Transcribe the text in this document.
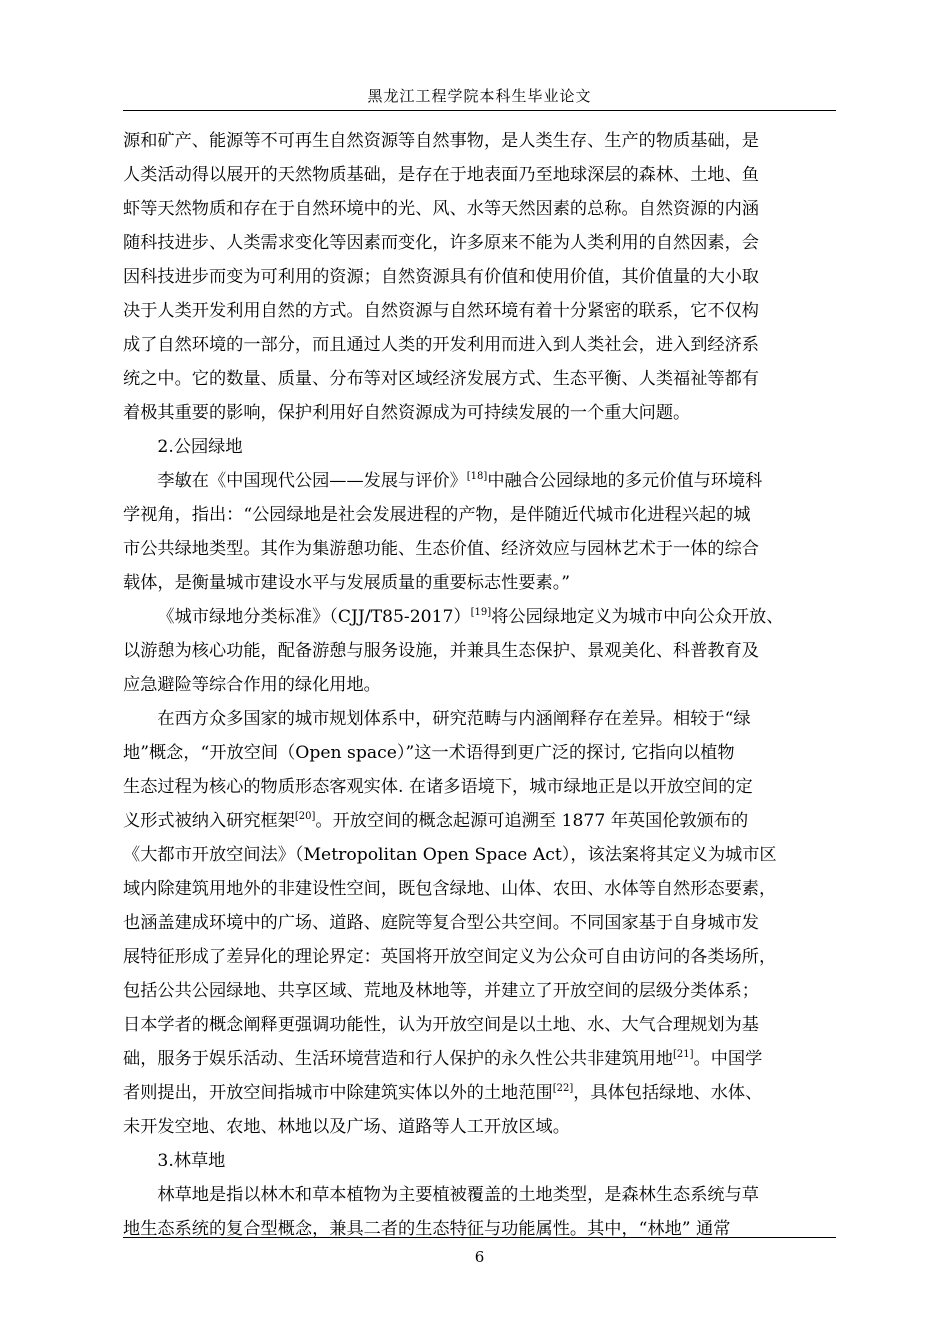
黑龙江工程学院本科生毕业论文
源和矿产、能源等不可再生自然资源等自然事物，是人类生存、生产的物质基础，是
人类活动得以展开的天然物质基础，是存在于地表面乃至地球深层的森林、土地、鱼
虾等天然物质和存在于自然环境中的光、风、水等天然因素的总称。自然资源的内涵
随科技进步、人类需求变化等因素而变化，许多原来不能为人类利用的自然因素，会
因科技进步而变为可利用的资源；自然资源具有价值和使用价值，其价值量的大小取
决于人类开发利用自然的方式。自然资源与自然环境有着十分紧密的联系，它不仅构
成了自然环境的一部分，而且通过人类的开发利用而进入到人类社会，进入到经济系
统之中。它的数量、质量、分布等对区域经济发展方式、生态平衡、人类福祉等都有
着极其重要的影响，保护利用好自然资源成为可持续发展的一个重大问题。
2.公园绿地
李敏在《中国现代公园——发展与评价》[18]中融合公园绿地的多元价值与环境科
学视角，指出：“公园绿地是社会发展进程的产物，是伴随近代城市化进程兴起的城
市公共绿地类型。其作为集游憩功能、生态价值、经济效应与园林艺术于一体的综合
载体，是衡量城市建设水平与发展质量的重要标志性要素。”
《城市绿地分类标准》（CJJ/T85-2017）[19]将公园绿地定义为城市中向公众开放、
以游憩为核心功能，配备游憩与服务设施，并兼具生态保护、景观美化、科普教育及
应急避险等综合作用的绿化用地。
在西方众多国家的城市规划体系中，研究范畴与内涵阐释存在差异。相较于“绿
地”概念，“开放空间（Open space）”这一术语得到更广泛的探讨, 它指向以植物
生态过程为核心的物质形态客观实体. 在诸多语境下，城市绿地正是以开放空间的定
义形式被纳入研究框架[20]。开放空间的概念起源可追溯至 1877 年英国伦敦颁布的
《大都市开放空间法》（Metropolitan Open Space Act），该法案将其定义为城市区
域内除建筑用地外的非建设性空间，既包含绿地、山体、农田、水体等自然形态要素，
也涵盖建成环境中的广场、道路、庭院等复合型公共空间。不同国家基于自身城市发
展特征形成了差异化的理论界定：英国将开放空间定义为公众可自由访问的各类场所，
包括公共公园绿地、共享区域、荒地及林地等，并建立了开放空间的层级分类体系；
日本学者的概念阐释更强调功能性，认为开放空间是以土地、水、大气合理规划为基
础，服务于娱乐活动、生活环境营造和行人保护的永久性公共非建筑用地[21]。中国学
者则提出，开放空间指城市中除建筑实体以外的土地范围[22]，具体包括绿地、水体、
未开发空地、农地、林地以及广场、道路等人工开放区域。
3.林草地
林草地是指以林木和草本植物为主要植被覆盖的土地类型，是森林生态系统与草
地生态系统的复合型概念，兼具二者的生态特征与功能属性。其中，“林地” 通常
6
